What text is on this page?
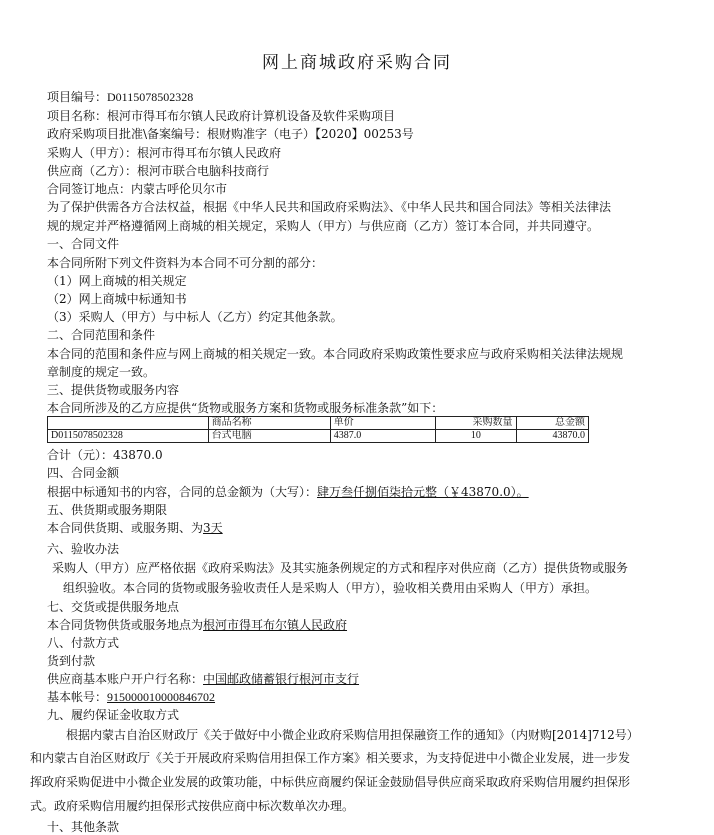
网上商城政府采购合同
项目编号：D0115078502328
项目名称：根河市得耳布尔镇人民政府计算机设备及软件采购项目
政府采购项目批准\备案编号：根财购准字（电子）【2020】00253号
采购人（甲方）：根河市得耳布尔镇人民政府
供应商（乙方）：根河市联合电脑科技商行
合同签订地点：内蒙古呼伦贝尔市
为了保护供需各方合法权益，根据《中华人民共和国政府采购法》、《中华人民共和国合同法》等相关法律法
规的规定并严格遵循网上商城的相关规定，采购人（甲方）与供应商（乙方）签订本合同，并共同遵守。
一、合同文件
本合同所附下列文件资料为本合同不可分割的部分：
（1）网上商城的相关规定
（2）网上商城中标通知书
（3）采购人（甲方）与中标人（乙方）约定其他条款。
二、合同范围和条件
本合同的范围和条件应与网上商城的相关规定一致。本合同政府采购政策性要求应与政府采购相关法律法规规
章制度的规定一致。
三、提供货物或服务内容
本合同所涉及的乙方应提供“货物或服务方案和货物或服务标准条款”如下：
	商品名称	单价	采购数量	总金额
D0115078502328	台式电脑	4387.0	10	43870.0
合计（元）：43870.0
四、合同金额
根据中标通知书的内容，合同的总金额为（大写）：肆万叁仟捌佰柒拾元整（￥43870.0）。
五、供货期或服务期限
本合同供货期、或服务期、为3天
六、验收办法
采购人（甲方）应严格依据《政府采购法》及其实施条例规定的方式和程序对供应商（乙方）提供货物或服务
组织验收。本合同的货物或服务验收责任人是采购人（甲方），验收相关费用由采购人（甲方）承担。
七、交货或提供服务地点
本合同货物供货或服务地点为根河市得耳布尔镇人民政府
八、付款方式
货到付款
供应商基本账户开户行名称：中国邮政储蓄银行根河市支行
基本帐号：915000010000846702
九、履约保证金收取方式
根据内蒙古自治区财政厅《关于做好中小微企业政府采购信用担保融资工作的通知》（内财购[2014]712号）
和内蒙古自治区财政厅《关于开展政府采购信用担保工作方案》相关要求，为支持促进中小微企业发展，进一步发
挥政府采购促进中小微企业发展的政策功能，中标供应商履约保证金鼓励倡导供应商采取政府采购信用履约担保形
式。政府采购信用履约担保形式按供应商中标次数单次办理。
十、其他条款
